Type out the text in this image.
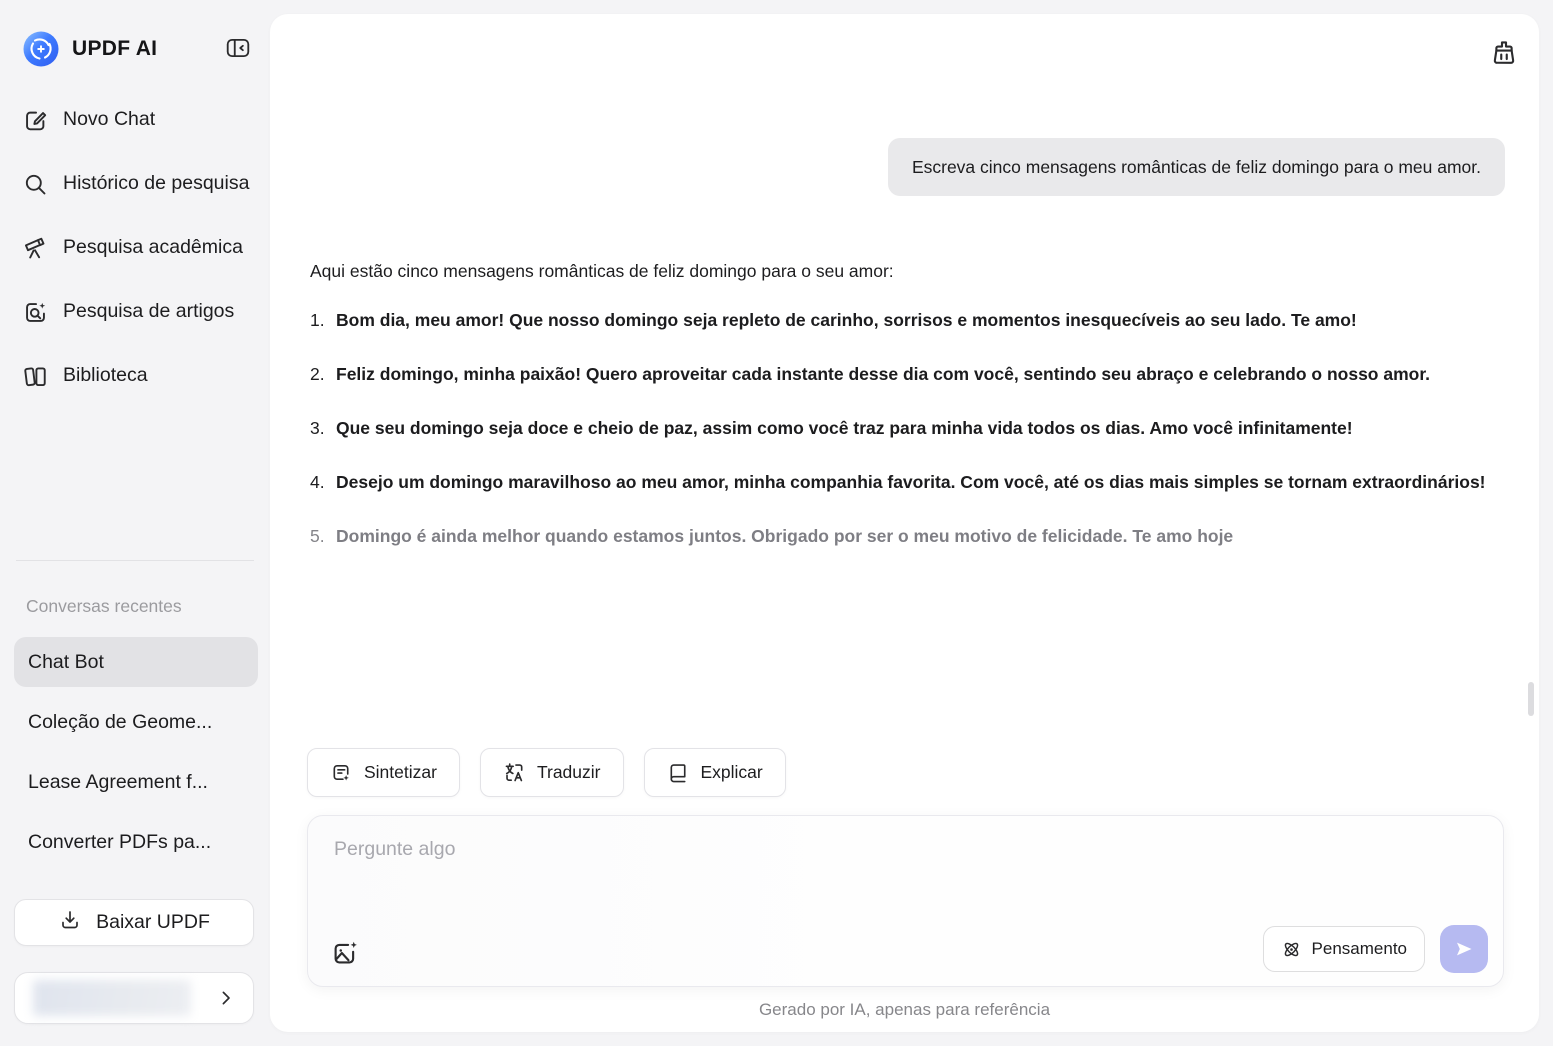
UPDF AI
Novo Chat
Histórico de pesquisa
Pesquisa acadêmica
Pesquisa de artigos
Biblioteca
Conversas recentes
Chat Bot
Coleção de Geome...
Lease Agreement f...
Converter PDFs pa...
Baixar UPDF
Escreva cinco mensagens românticas de feliz domingo para o meu amor.

Aqui estão cinco mensagens românticas de feliz domingo para o seu amor:

1. Bom dia, meu amor! Que nosso domingo seja repleto de carinho, sorrisos e momentos inesquecíveis ao seu lado. Te amo!
2. Feliz domingo, minha paixão! Quero aproveitar cada instante desse dia com você, sentindo seu abraço e celebrando o nosso amor.
3. Que seu domingo seja doce e cheio de paz, assim como você traz para minha vida todos os dias. Amo você infinitamente!
4. Desejo um domingo maravilhoso ao meu amor, minha companhia favorita. Com você, até os dias mais simples se tornam extraordinários!
5. Domingo é ainda melhor quando estamos juntos. Obrigado por ser o meu motivo de felicidade. Te amo hoje
Sintetizar	Traduzir	Explicar
Pergunte algo
Pensamento
Gerado por IA, apenas para referência
